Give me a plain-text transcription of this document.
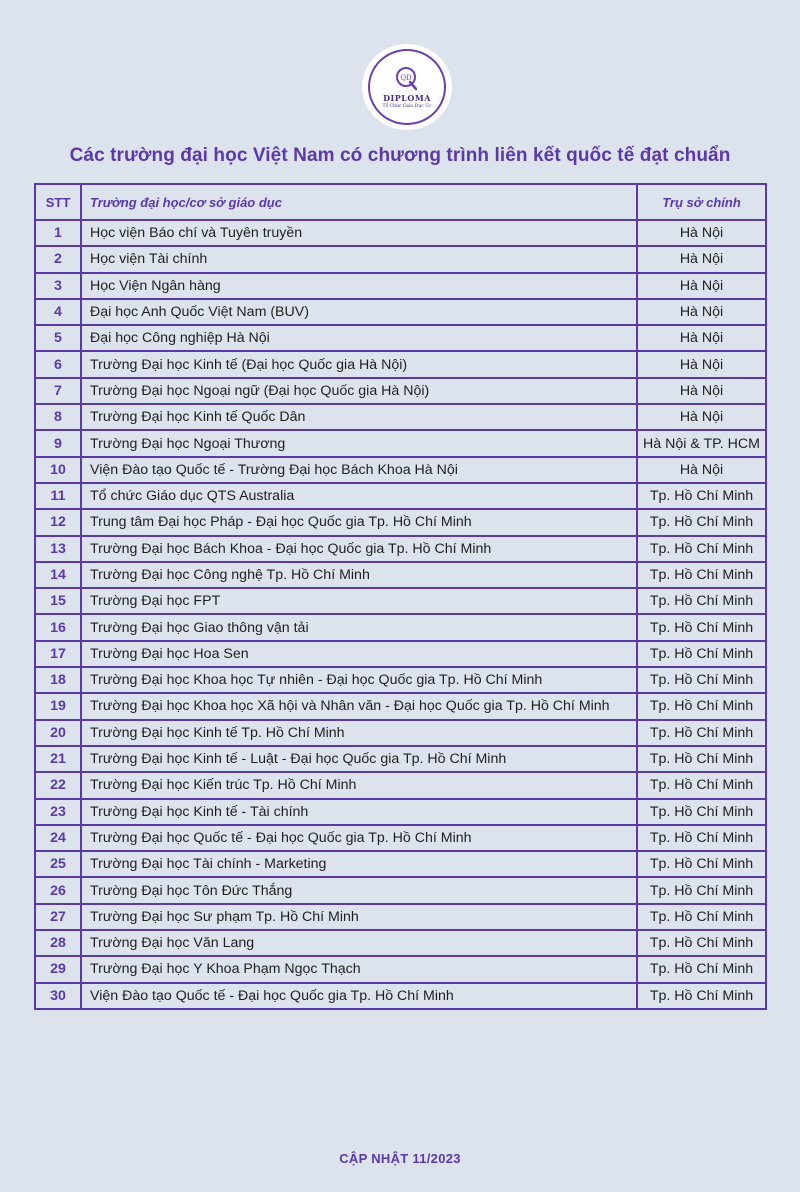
QD
DIPLOMA
Tổ Chức Giáo Dục Úc
Các trường đại học Việt Nam có chương trình liên kết quốc tế đạt chuẩn
STT	Trường đại học/cơ sở giáo dục	Trụ sở chính
1	Học viện Báo chí và Tuyên truyền	Hà Nội
2	Học viện Tài chính	Hà Nội
3	Học Viện Ngân hàng	Hà Nội
4	Đại học Anh Quốc Việt Nam (BUV)	Hà Nội
5	Đại học Công nghiệp Hà Nội	Hà Nội
6	Trường Đại học Kinh tế (Đại học Quốc gia Hà Nội)	Hà Nội
7	Trường Đại học Ngoại ngữ (Đại học Quốc gia Hà Nội)	Hà Nội
8	Trường Đại học Kinh tế Quốc Dân	Hà Nội
9	Trường Đại học Ngoại Thương	Hà Nội & TP. HCM
10	Viện Đào tạo Quốc tế - Trường Đại học Bách Khoa Hà Nội	Hà Nội
11	Tổ chức Giáo dục QTS Australia	Tp. Hồ Chí Minh
12	Trung tâm Đại học Pháp - Đại học Quốc gia Tp. Hồ Chí Minh	Tp. Hồ Chí Minh
13	Trường Đại học Bách Khoa - Đại học Quốc gia Tp. Hồ Chí Minh	Tp. Hồ Chí Minh
14	Trường Đại học Công nghệ Tp. Hồ Chí Minh	Tp. Hồ Chí Minh
15	Trường Đại học FPT	Tp. Hồ Chí Minh
16	Trường Đại học Giao thông vận tải	Tp. Hồ Chí Minh
17	Trường Đại học Hoa Sen	Tp. Hồ Chí Minh
18	Trường Đại học Khoa học Tự nhiên - Đại học Quốc gia Tp. Hồ Chí Minh	Tp. Hồ Chí Minh
19	Trường Đại học Khoa học Xã hội và Nhân văn - Đại học Quốc gia Tp. Hồ Chí Minh	Tp. Hồ Chí Minh
20	Trường Đại học Kinh tế Tp. Hồ Chí Minh	Tp. Hồ Chí Minh
21	Trường Đại học Kinh tế - Luật - Đại học Quốc gia Tp. Hồ Chí Minh	Tp. Hồ Chí Minh
22	Trường Đại học Kiến trúc Tp. Hồ Chí Minh	Tp. Hồ Chí Minh
23	Trường Đại học Kinh tế - Tài chính	Tp. Hồ Chí Minh
24	Trường Đại học Quốc tế - Đại học Quốc gia Tp. Hồ Chí Minh	Tp. Hồ Chí Minh
25	Trường Đại học Tài chính - Marketing	Tp. Hồ Chí Minh
26	Trường Đại học Tôn Đức Thắng	Tp. Hồ Chí Minh
27	Trường Đại học Sư phạm Tp. Hồ Chí Minh	Tp. Hồ Chí Minh
28	Trường Đại học Văn Lang	Tp. Hồ Chí Minh
29	Trường Đại học Y Khoa Phạm Ngọc Thạch	Tp. Hồ Chí Minh
30	Viện Đào tạo Quốc tế - Đại học Quốc gia Tp. Hồ Chí Minh	Tp. Hồ Chí Minh
CẬP NHẬT 11/2023
